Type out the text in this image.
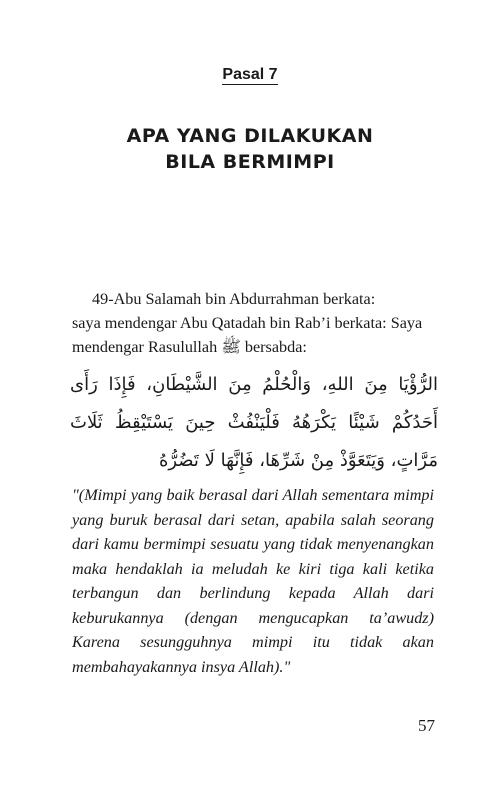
Pasal 7
APA YANG DILAKUKAN
BILA BERMIMPI

49-Abu Salamah bin Abdurrahman berkata:

saya mendengar Abu Qatadah bin Rab’i berkata: Saya

mendengar Rasulullah ﷺ bersabda:

الرُّؤْيَا مِنَ اللهِ، وَالْحُلْمُ مِنَ الشَّيْطَانِ، فَإِذَا رَأَى أَحَدُكُمْ شَيْئًا يَكْرَهُهُ فَلْيَنْفُثْ حِينَ يَسْتَيْقِظُ ثَلَاثَ مَرَّاتٍ، وَيَتَعَوَّذْ مِنْ شَرِّهَا، فَإِنَّهَا لَا تَضُرُّهُ
"(Mimpi yang baik berasal dari Allah sementara mimpi yang buruk berasal dari setan, apabila salah seorang dari kamu bermimpi sesuatu yang tidak menyenangkan maka hendaklah ia meludah ke kiri tiga kali ketika terbangun dan berlindung kepada Allah dari keburukannya (dengan mengucapkan ta’awudz) Karena sesungguhnya mimpi itu tidak akan membahayakannya insya Allah)."
57
